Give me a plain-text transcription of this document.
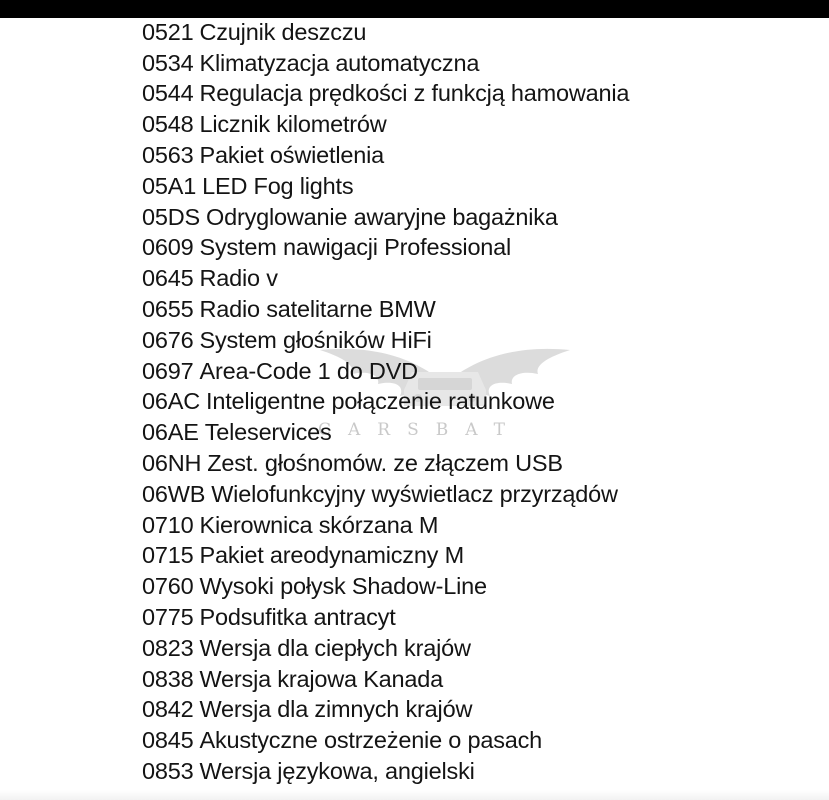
CARSBAT
0521 Czujnik deszczu
0534 Klimatyzacja automatyczna
0544 Regulacja prędkości z funkcją hamowania
0548 Licznik kilometrów
0563 Pakiet oświetlenia
05A1 LED Fog lights
05DS Odryglowanie awaryjne bagażnika
0609 System nawigacji Professional
0645 Radio v
0655 Radio satelitarne BMW
0676 System głośników HiFi
0697 Area-Code 1 do DVD
06AC Inteligentne połączenie ratunkowe
06AE Teleservices
06NH Zest. głośnomów. ze złączem USB
06WB Wielofunkcyjny wyświetlacz przyrządów
0710 Kierownica skórzana M
0715 Pakiet areodynamiczny M
0760 Wysoki połysk Shadow-Line
0775 Podsufitka antracyt
0823 Wersja dla ciepłych krajów
0838 Wersja krajowa Kanada
0842 Wersja dla zimnych krajów
0845 Akustyczne ostrzeżenie o pasach
0853 Wersja językowa, angielski
